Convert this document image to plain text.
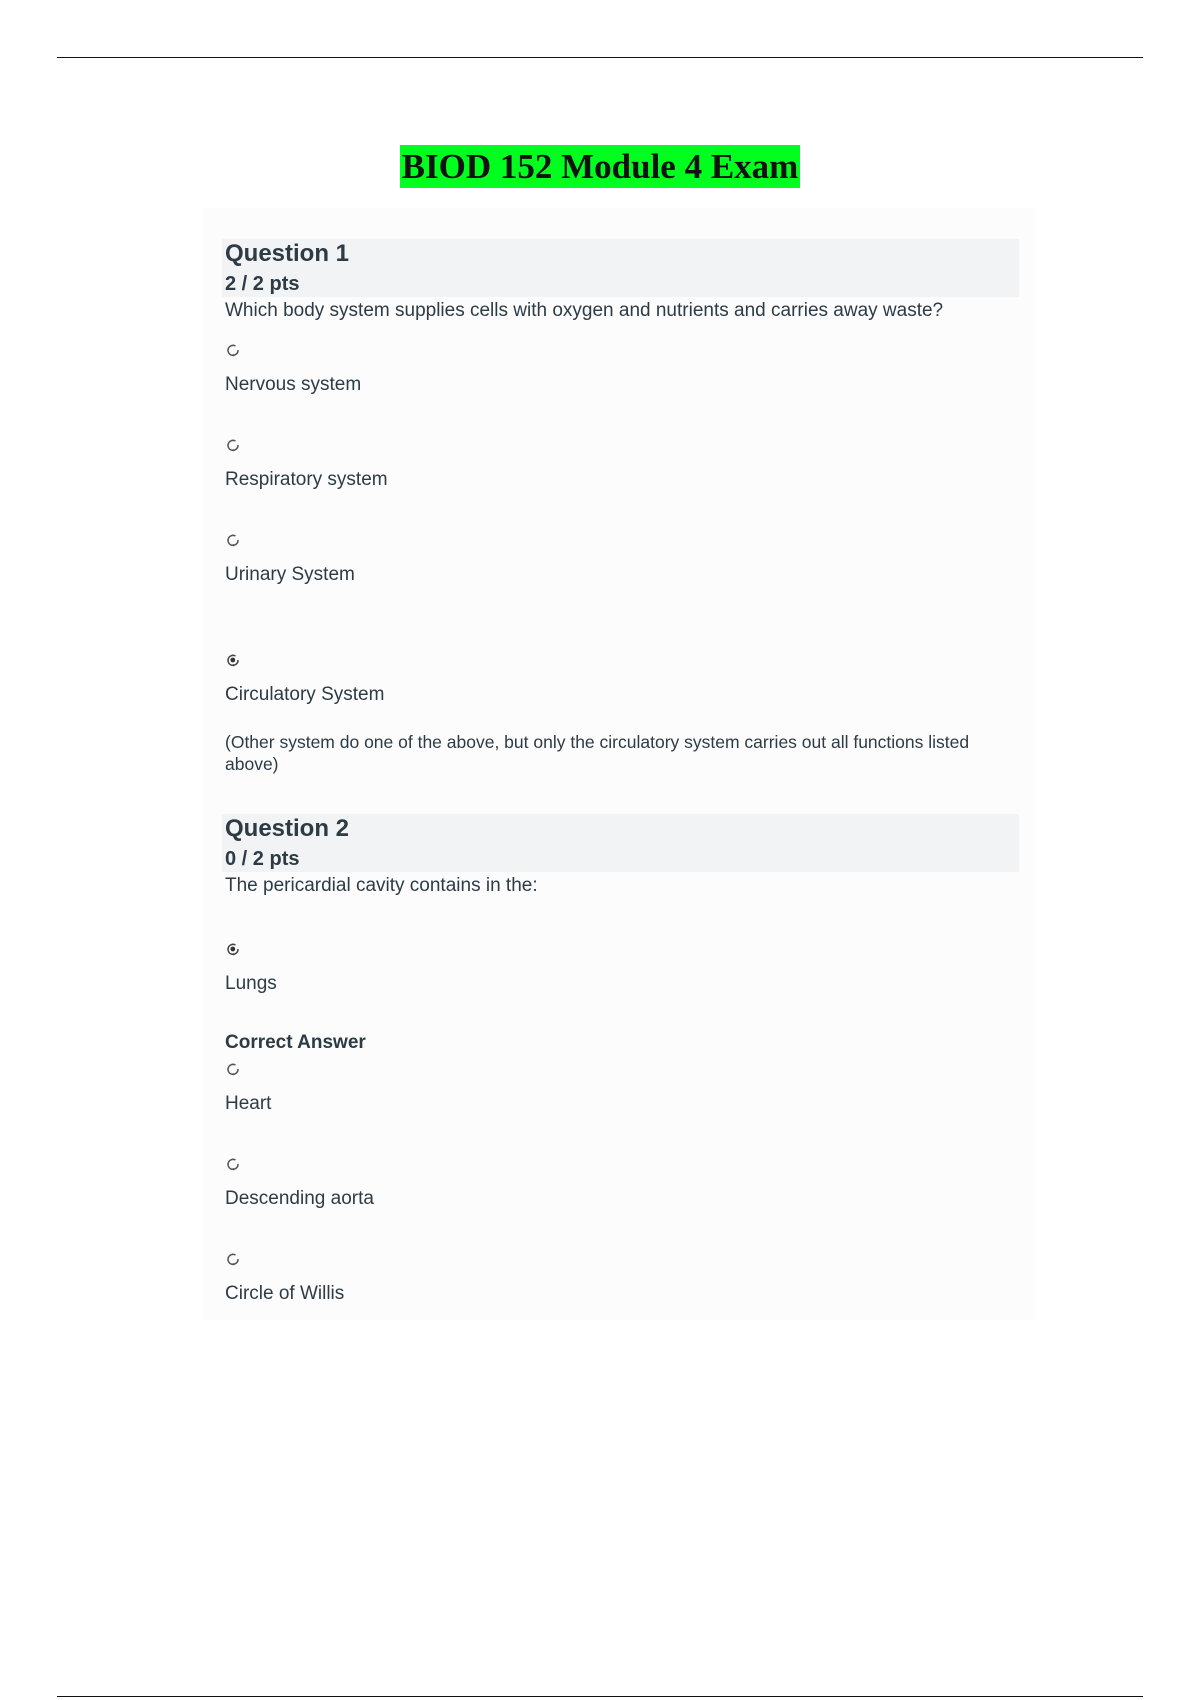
BIOD 152 Module 4 Exam
Question 1
2 / 2 pts
Which body system supplies cells with oxygen and nutrients and carries away waste?
Nervous system
Respiratory system
Urinary System
Circulatory System
(Other system do one of the above, but only the circulatory system carries out all functions listed above)
Question 2
0 / 2 pts
The pericardial cavity contains in the:
Lungs
Correct Answer
Heart
Descending aorta
Circle of Willis
